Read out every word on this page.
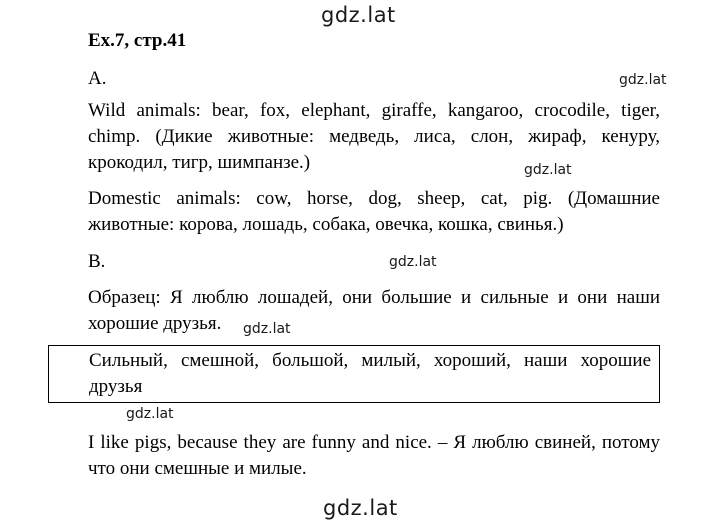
gdz.lat
gdz.lat
gdz.lat
gdz.lat
gdz.lat
gdz.lat
gdz.lat
Ex.7, стр.41
A.
Wild animals: bear, fox, elephant, giraffe, kangaroo, crocodile, tiger, chimp. (Дикие животные: медведь, лиса, слон, жираф, кенуру, крокодил, тигр, шимпанзе.)
Domestic animals: cow, horse, dog, sheep, cat, pig. (Домашние животные: корова, лошадь, собака, овечка, кошка, свинья.)
B.
Образец: Я люблю лошадей, они большие и сильные и они наши хорошие друзья.
Сильный, смешной, большой, милый, хороший, наши хорошие друзья
I like pigs, because they are funny and nice. – Я люблю свиней, потому что они смешные и милые.
